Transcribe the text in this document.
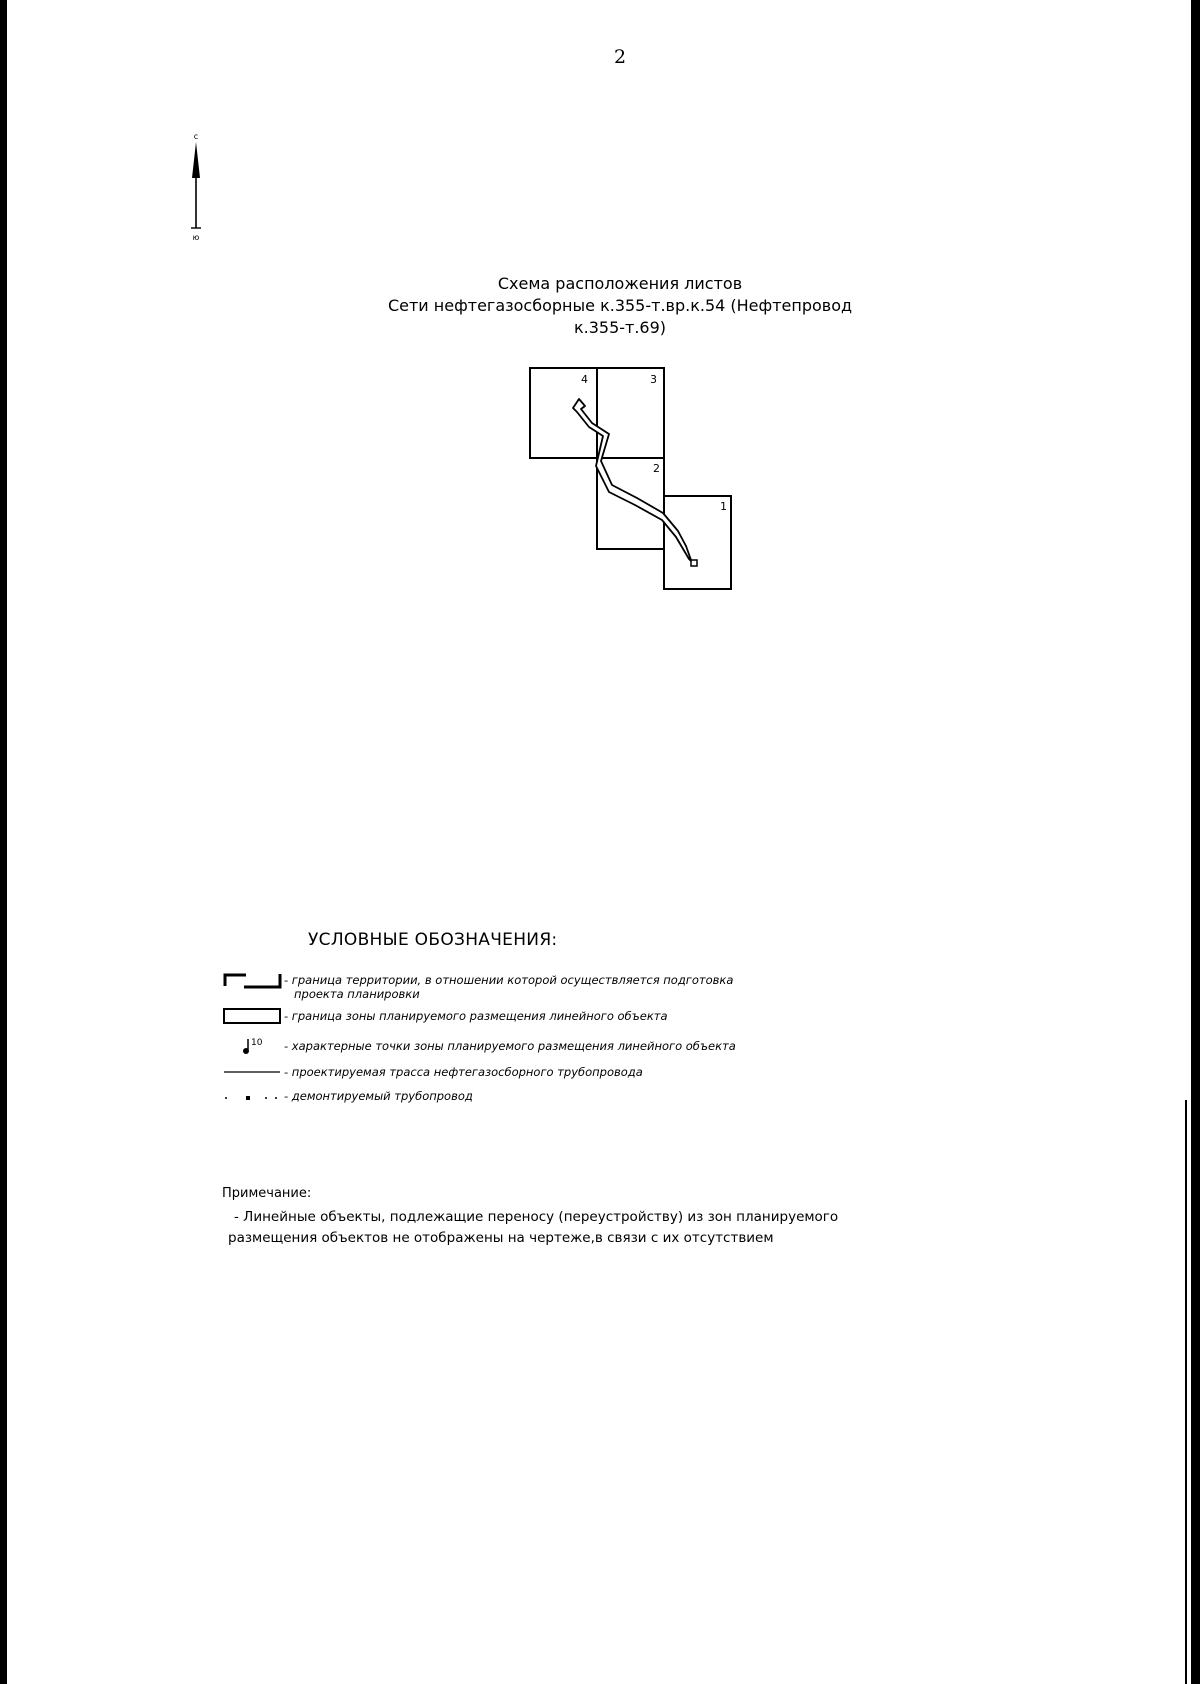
2
с
ю
Схема расположения листов
Сети нефтегазосборные к.355-т.вр.к.54 (Нефтепровод
к.355-т.69)
4	3
2
1
УСЛОВНЫЕ ОБОЗНАЧЕНИЯ:
- граница территории, в отношении которой осуществляется подготовка
проекта планировки
- граница зоны планируемого размещения линейного объекта
10 - характерные точки зоны планируемого размещения линейного объекта
- проектируемая трасса нефтегазосборного трубопровода
- демонтируемый трубопровод
Примечание:
- Линейные объекты, подлежащие переносу (переустройству) из зон планируемого
размещения объектов не отображены на чертеже,в связи с их отсутствием
